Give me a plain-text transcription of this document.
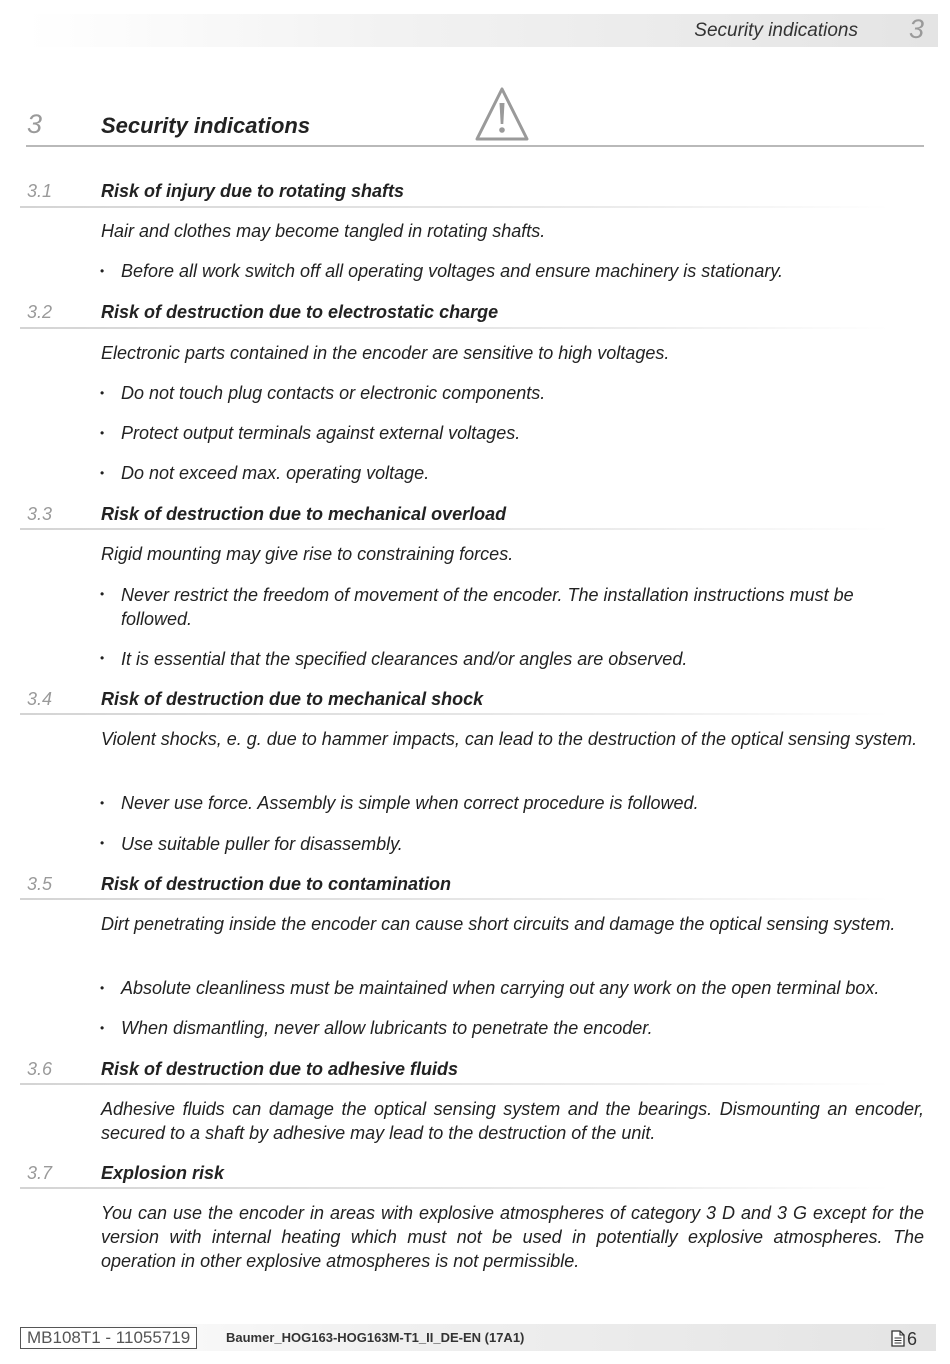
Security indications 3
3	Security indications
3.1	Risk of injury due to rotating shafts
Hair and clothes may become tangled in rotating shafts.
• Before all work switch off all operating voltages and ensure machinery is stationary.
3.2	Risk of destruction due to electrostatic charge
Electronic parts contained in the encoder are sensitive to high voltages.
• Do not touch plug contacts or electronic components.
• Protect output terminals against external voltages.
• Do not exceed max. operating voltage.
3.3	Risk of destruction due to mechanical overload
Rigid mounting may give rise to constraining forces.
• Never restrict the freedom of movement of the encoder. The installation instructions must be followed.
• It is essential that the specified clearances and/or angles are observed.
3.4	Risk of destruction due to mechanical shock
Violent shocks, e. g. due to hammer impacts, can lead to the destruction of the optical sensing system.
• Never use force. Assembly is simple when correct procedure is followed.
• Use suitable puller for disassembly.
3.5	Risk of destruction due to contamination
Dirt penetrating inside the encoder can cause short circuits and damage the optical sensing system.
• Absolute cleanliness must be maintained when carrying out any work on the open terminal box.
• When dismantling, never allow lubricants to penetrate the encoder.
3.6	Risk of destruction due to adhesive fluids
Adhesive fluids can damage the optical sensing system and the bearings. Dismounting an encoder, secured to a shaft by adhesive may lead to the destruction of the unit.
3.7	Explosion risk
You can use the encoder in areas with explosive atmospheres of category 3 D and 3 G except for the version with internal heating which must not be used in potentially explosive atmospheres. The operation in other explosive atmospheres is not permissible.
MB108T1 - 11055719	Baumer_HOG163-HOG163M-T1_II_DE-EN (17A1)	6
